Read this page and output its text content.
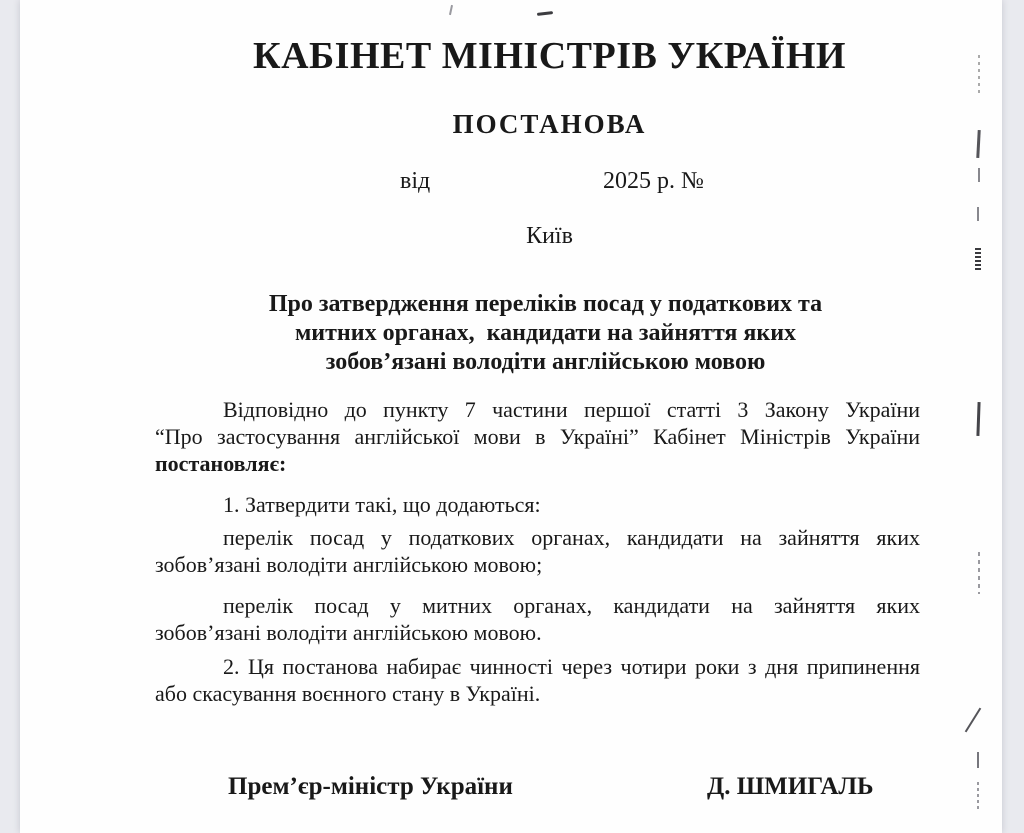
КАБІНЕТ МІНІСТРІВ УКРАЇНИ
ПОСТАНОВА
від	2025 р. №
Київ
Про затвердження переліків посад у податкових та
митних органах,  кандидати на зайняття яких
зобов’язані володіти англійською мовою
Відповідно до пункту 7 частини першої статті 3 Закону України
“Про застосування англійської мови в Україні” Кабінет Міністрів України
постановляє:
1. Затвердити такі, що додаються:
перелік посад у податкових органах, кандидати на зайняття яких
зобов’язані володіти англійською мовою;
перелік посад у митних органах, кандидати на зайняття яких
зобов’язані володіти англійською мовою.
2. Ця постанова набирає чинності через чотири роки з дня припинення
або скасування воєнного стану в Україні.
Прем’єр-міністр України	Д. ШМИГАЛЬ
